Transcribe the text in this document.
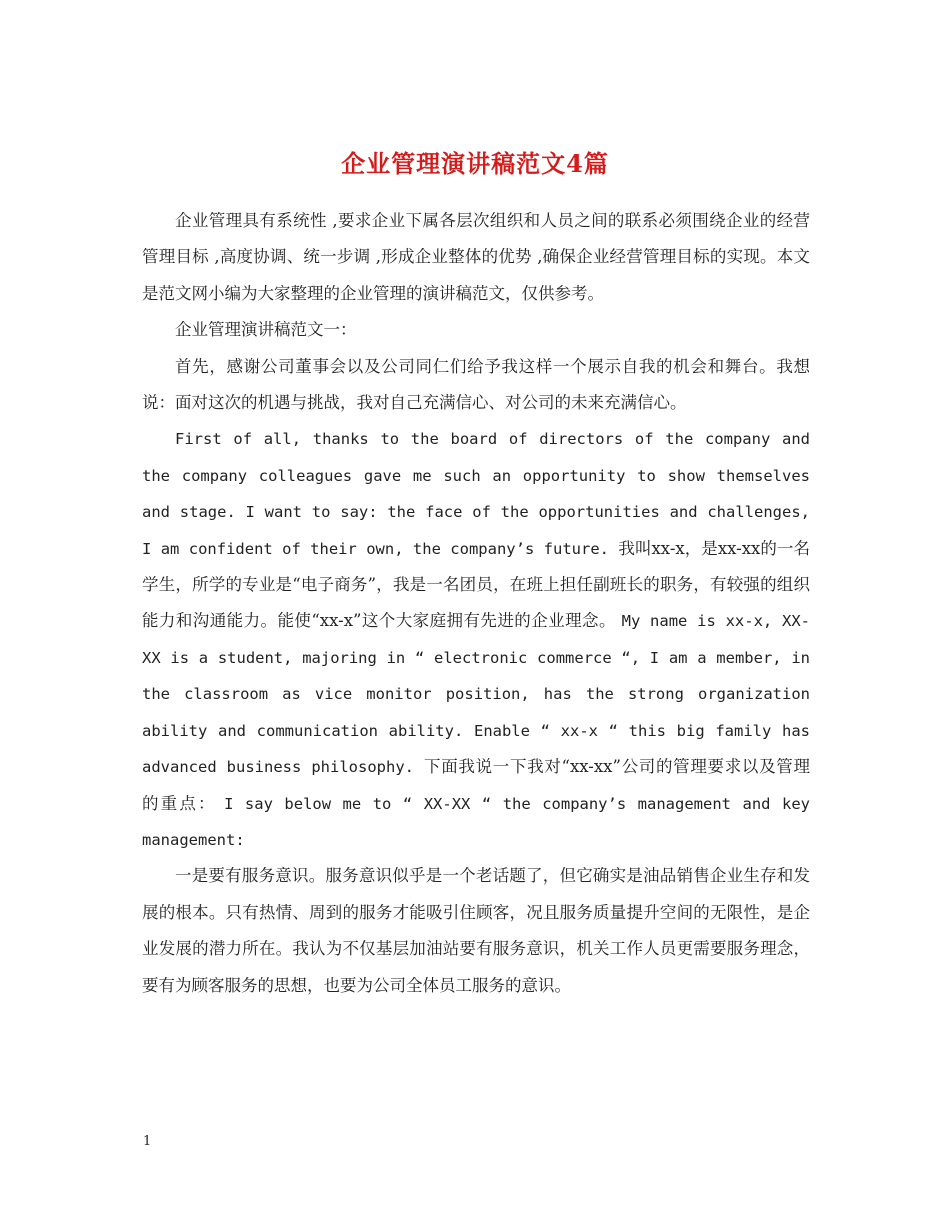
企业管理演讲稿范文4篇

企业管理具有系统性 ,要求企业下属各层次组织和人员之间的联系必须围绕企业的经营管理目标 ,高度协调、统一步调 ,形成企业整体的优势 ,确保企业经营管理目标的实现。本文是范文网小编为大家整理的企业管理的演讲稿范文，仅供参考。

企业管理演讲稿范文一：

首先，感谢公司董事会以及公司同仁们给予我这样一个展示自我的机会和舞台。我想说：面对这次的机遇与挑战，我对自己充满信心、对公司的未来充满信心。

First of all, thanks to the board of directors of the company and the company colleagues gave me such an opportunity to show themselves and stage. I want to say: the face of the opportunities and challenges, I am confident of their own, the company’s future. 我叫xx-x，是xx-xx的一名学生，所学的专业是“电子商务”，我是一名团员，在班上担任副班长的职务，有较强的组织能力和沟通能力。能使“xx-x”这个大家庭拥有先进的企业理念。 My name is xx-x, XX-XX is a student, majoring in “ electronic commerce “, I am a member, in the classroom as vice monitor position, has the strong organization ability and communication ability. Enable “ xx-x “ this big family has advanced business philosophy. 下面我说一下我对“xx-xx”公司的管理要求以及管理的重点： I say below me to “ XX-XX “ the company’s management and key management:

一是要有服务意识。服务意识似乎是一个老话题了，但它确实是油品销售企业生存和发展的根本。只有热情、周到的服务才能吸引住顾客，况且服务质量提升空间的无限性，是企业发展的潜力所在。我认为不仅基层加油站要有服务意识，机关工作人员更需要服务理念，要有为顾客服务的思想，也要为公司全体员工服务的意识。

1
